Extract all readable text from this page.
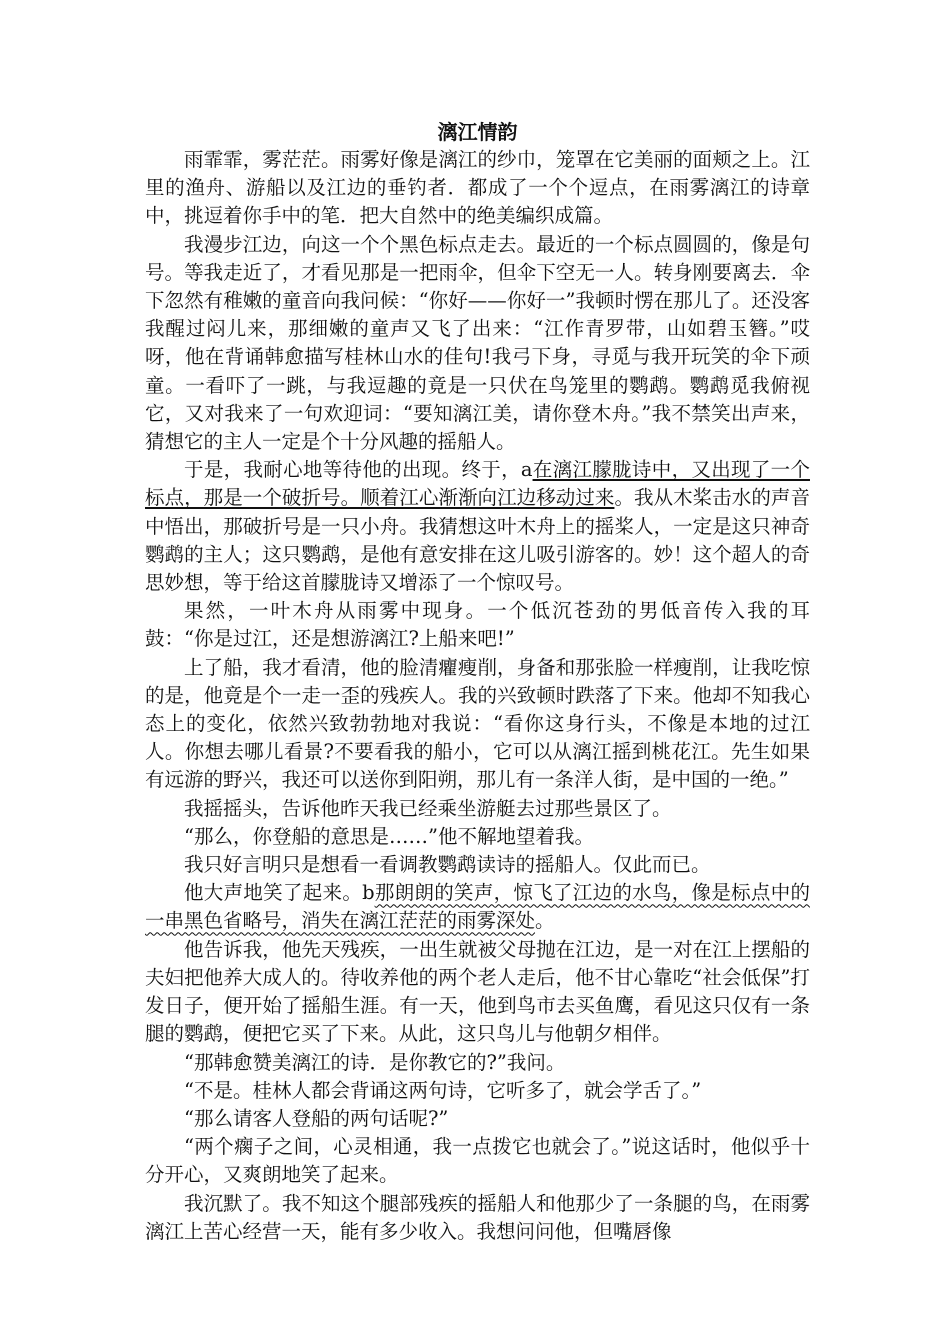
漓江情韵

雨霏霏，雾茫茫。雨雾好像是漓江的纱巾，笼罩在它美丽的面颊之上。江里的渔舟、游船以及江边的垂钓者．都成了一个个逗点，在雨雾漓江的诗章中，挑逗着你手中的笔．把大自然中的绝美编织成篇。

我漫步江边，向这一个个黑色标点走去。最近的一个标点圆圆的，像是句号。等我走近了，才看见那是一把雨伞，但伞下空无一人。转身刚要离去．伞下忽然有稚嫩的童音向我问候：“你好——你好一”我顿时愣在那儿了。还没客我醒过闷儿来，那细嫩的童声又飞了出来：“江作青罗带，山如碧玉簪。”哎呀，他在背诵韩愈描写桂林山水的佳句!我弓下身，寻觅与我开玩笑的伞下顽童。一看吓了一跳，与我逗趣的竟是一只伏在鸟笼里的鹦鹉。鹦鹉觅我俯视它，又对我来了一句欢迎词：“要知漓江美，请你登木舟。”我不禁笑出声来，猜想它的主人一定是个十分风趣的摇船人。

于是，我耐心地等待他的出现。终于，a在漓江朦胧诗中，又出现了一个标点，那是一个破折号。顺着江心渐渐向江边移动过来。我从木桨击水的声音中悟出，那破折号是一只小舟。我猜想这叶木舟上的摇桨人，一定是这只神奇鹦鹉的主人；这只鹦鹉，是他有意安排在这儿吸引游客的。妙！这个超人的奇思妙想，等于给这首朦胧诗又增添了一个惊叹号。

果然，一叶木舟从雨雾中现身。一个低沉苍劲的男低音传入我的耳鼓：“你是过江，还是想游漓江?上船来吧!”

上了船，我才看清，他的脸清癯瘦削，身备和那张脸一样瘦削，让我吃惊的是，他竟是个一走一歪的残疾人。我的兴致顿时跌落了下来。他却不知我心态上的变化，依然兴致勃勃地对我说：“看你这身行头，不像是本地的过江人。你想去哪儿看景?不要看我的船小，它可以从漓江摇到桃花江。先生如果有远游的野兴，我还可以送你到阳朔，那儿有一条洋人街，是中国的一绝。”

我摇摇头，告诉他昨天我已经乘坐游艇去过那些景区了。

“那么，你登船的意思是……”他不解地望着我。

我只好言明只是想看一看调教鹦鹉读诗的摇船人。仅此而已。

他大声地笑了起来。b那朗朗的笑声，惊飞了江边的水鸟，像是标点中的一串黑色省略号，消失在漓江茫茫的雨雾深处。

他告诉我，他先天残疾，一出生就被父母抛在江边，是一对在江上摆船的夫妇把他养大成人的。待收养他的两个老人走后，他不甘心靠吃“社会低保”打发日子，便开始了摇船生涯。有一天，他到鸟市去买鱼鹰，看见这只仅有一条腿的鹦鹉，便把它买了下来。从此，这只鸟儿与他朝夕相伴。

“那韩愈赞美漓江的诗．是你教它的?”我问。

“不是。桂林人都会背诵这两句诗，它听多了，就会学舌了。”

“那么请客人登船的两句话呢?”

“两个瘸子之间，心灵相通，我一点拨它也就会了。”说这话时，他似乎十分开心，又爽朗地笑了起来。

我沉默了。我不知这个腿部残疾的摇船人和他那少了一条腿的鸟，在雨雾漓江上苦心经营一天，能有多少收入。我想问问他，但嘴唇像
